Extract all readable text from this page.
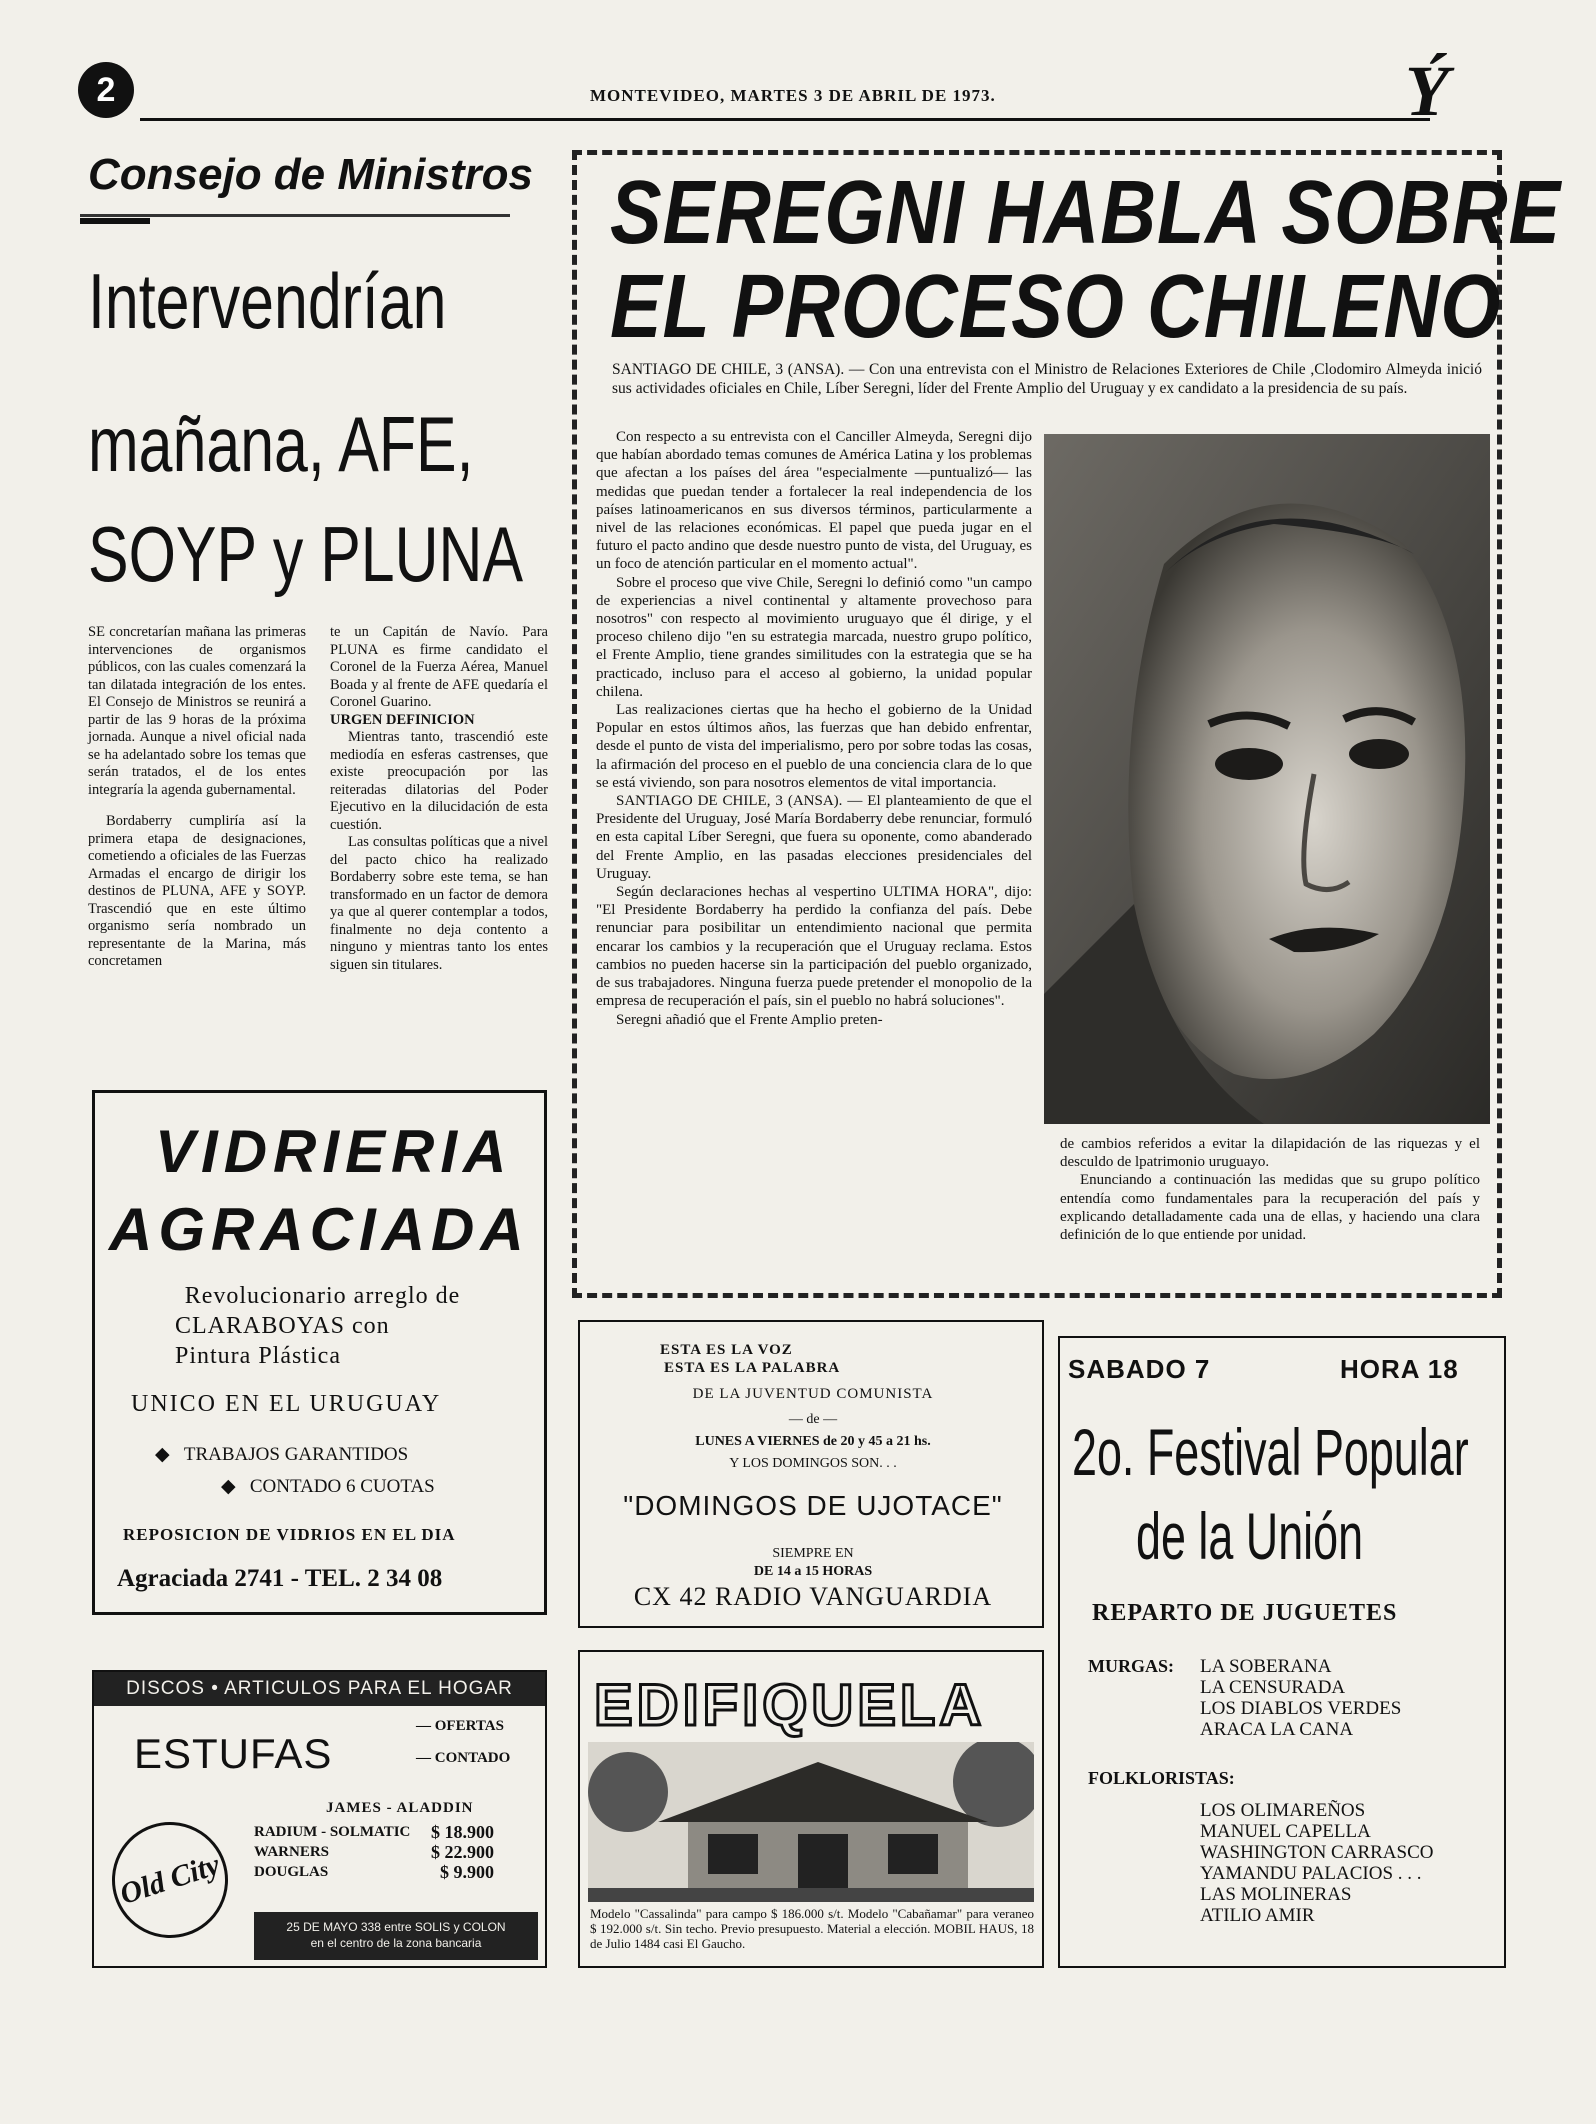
2	MONTEVIDEO, MARTES 3 DE ABRIL DE 1973.	Ý
Consejo de Ministros
Intervendrían
mañana, AFE,
SOYP y PLUNA

SE concretarían mañana las primeras intervenciones de organismos públicos, con las cuales comenzará la tan dilatada integración de los entes. El Consejo de Ministros se reunirá a partir de las 9 horas de la próxima jornada. Aunque a nivel oficial nada se ha adelantado sobre los temas que serán tratados, el de los entes integraría la agenda gubernamental.

Bordaberry cumpliría así la primera etapa de designaciones, cometiendo a oficiales de las Fuerzas Armadas el encargo de dirigir los destinos de PLUNA, AFE y SOYP. Trascendió que en este último organismo sería nombrado un representante de la Marina, más concretamen

te un Capitán de Navío. Para PLUNA es firme candidato el Coronel de la Fuerza Aérea, Manuel Boada y al frente de AFE quedaría el Coronel Guarino.

URGEN DEFINICION

Mientras tanto, trascendió este mediodía en esferas castrenses, que existe preocupación por las reiteradas dilatorias del Poder Ejecutivo en la dilucidación de esta cuestión.

Las consultas políticas que a nivel del pacto chico ha realizado Bordaberry sobre este tema, se han transformado en un factor de demora ya que al querer contemplar a todos, finalmente no deja contento a ninguno y mientras tanto los entes siguen sin titulares.

SEREGNI HABLA SOBRE
EL PROCESO CHILENO
SANTIAGO DE CHILE, 3 (ANSA). — Con una entrevista con el Ministro de Relaciones Exteriores de Chile ,Clodomiro Almeyda inició sus actividades oficiales en Chile, Líber Seregni, líder del Frente Amplio del Uruguay y ex candidato a la presidencia de su país.

Con respecto a su entrevista con el Canciller Almeyda, Seregni dijo que habían abordado temas comunes de América Latina y los problemas que afectan a los países del área "especialmente —puntualizó— las medidas que puedan tender a fortalecer la real independencia de los países latinoamericanos en sus diversos términos, particularmente a nivel de las relaciones económicas. El papel que pueda jugar en el futuro el pacto andino que desde nuestro punto de vista, del Uruguay, es un foco de atención particular en el momento actual".

Sobre el proceso que vive Chile, Seregni lo definió como "un campo de experiencias a nivel continental y altamente provechoso para nosotros" con respecto al movimiento uruguayo que él dirige, y el proceso chileno dijo "en su estrategia marcada, nuestro grupo político, el Frente Amplio, tiene grandes similitudes con la estrategia que se ha practicado, incluso para el acceso al gobierno, la unidad popular chilena.

Las realizaciones ciertas que ha hecho el gobierno de la Unidad Popular en estos últimos años, las fuerzas que han debido enfrentar, desde el punto de vista del imperialismo, pero por sobre todas las cosas, la afirmación del proceso en el pueblo de una conciencia clara de lo que se está viviendo, son para nosotros elementos de vital importancia.

SANTIAGO DE CHILE, 3 (ANSA). — El planteamiento de que el Presidente del Uruguay, José María Bordaberry debe renunciar, formuló en esta capital Líber Seregni, que fuera su oponente, como abanderado del Frente Amplio, en las pasadas elecciones presidenciales del Uruguay.

Según declaraciones hechas al vespertino ULTIMA HORA", dijo: "El Presidente Bordaberry ha perdido la confianza del país. Debe renunciar para posibilitar un entendimiento nacional que permita encarar los cambios y la recuperación que el Uruguay reclama. Estos cambios no pueden hacerse sin la participación del pueblo organizado, de sus trabajadores. Ninguna fuerza puede pretender el monopolio de la empresa de recuperación el país, sin el pueblo no habrá soluciones".

Seregni añadió que el Frente Amplio preten-

de cambios referidos a evitar la dilapidación de las riquezas y el desculdo de lpatrimonio uruguayo.

Enunciando a continuación las medidas que su grupo político entendía como fundamentales para la recuperación del país y explicando detalladamente cada una de ellas, y haciendo una clara definición de lo que entiende por unidad.

VIDRIERIA
AGRACIADA
Revolucionario arreglo de
CLARABOYAS con
Pintura Plástica
UNICO EN EL URUGUAY
◆   TRABAJOS GARANTIDOS
◆   CONTADO 6 CUOTAS
REPOSICION DE VIDRIOS EN EL DIA
Agraciada 2741 - TEL. 2 34 08
ESTA ES LA VOZ
ESTA ES LA PALABRA
DE LA JUVENTUD COMUNISTA
— de —
LUNES A VIERNES de 20 y 45 a 21 hs.
Y LOS DOMINGOS SON. . .
"DOMINGOS DE UJOTACE"
SIEMPRE EN
DE 14 a 15 HORAS
CX 42 RADIO VANGUARDIA
SABADO 7	HORA 18
2o. Festival Popular
de la Unión
REPARTO DE JUGUETES
MURGAS: LA SOBERANA
LA CENSURADA
LOS DIABLOS VERDES
ARACA LA CANA
FOLKLORISTAS:
LOS OLIMAREÑOS
MANUEL CAPELLA
WASHINGTON CARRASCO
YAMANDU PALACIOS . . .
LAS MOLINERAS
ATILIO AMIR
DISCOS • ARTICULOS PARA EL HOGAR
ESTUFAS
— OFERTAS
— CONTADO
JAMES - ALADDIN
Old City
RADIUM - SOLMATIC $ 18.900
WARNERS	$ 22.900
DOUGLAS	$ 9.900
25 DE MAYO 338 entre SOLIS y COLON
en el centro de la zona bancaria
EDIFIQUELA
Modelo "Cassalinda" para campo $ 186.000 s/t. Modelo "Cabañamar" para veraneo $ 192.000 s/t. Sin techo. Previo presupuesto. Material a elección. MOBIL HAUS, 18 de Julio 1484 casi El Gaucho.
